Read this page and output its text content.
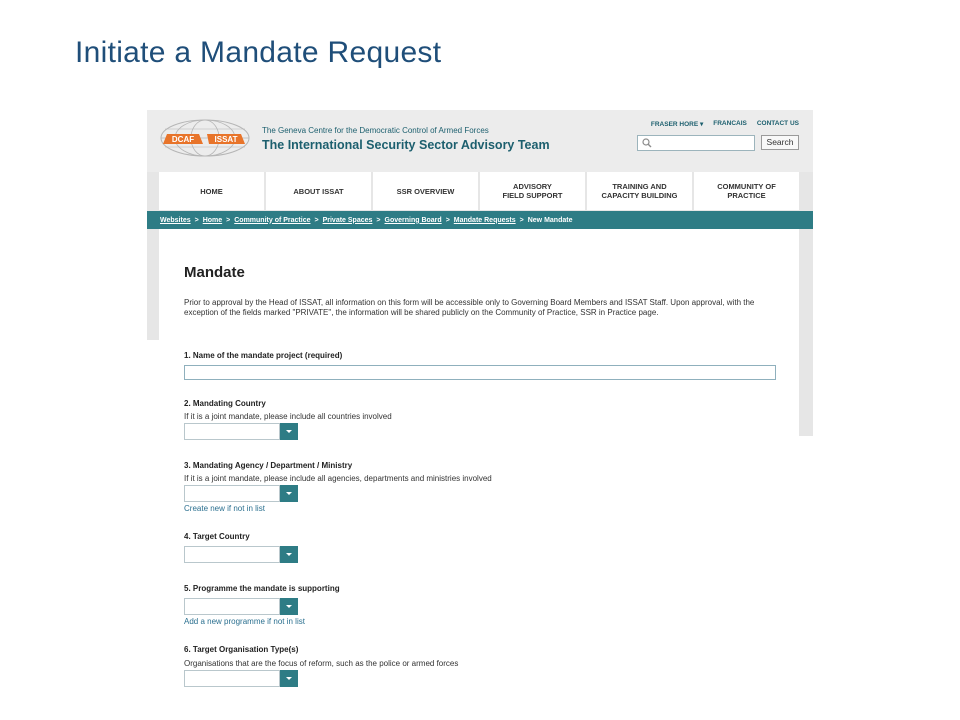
Initiate a Mandate Request
DCAF	ISSAT
The Geneva Centre for the Democratic Control of Armed Forces
The International Security Sector Advisory Team
FRASER HORE ▾ FRANCAIS CONTACT US
Search
HOME	ABOUT ISSAT	SSR OVERVIEW	ADVISORY
FIELD SUPPORT
TRAINING AND
CAPACITY BUILDING
COMMUNITY OF
PRACTICE
Websites > Home > Community of Practice > Private Spaces > Governing Board > Mandate Requests > New Mandate
Mandate
Prior to approval by the Head of ISSAT, all information on this form will be accessible only to Governing Board Members and ISSAT Staff. Upon approval, with the exception of the fields marked "PRIVATE", the information will be shared publicly on the Community of Practice, SSR in Practice page.
1. Name of the mandate project (required)
2. Mandating Country
If it is a joint mandate, please include all countries involved
3. Mandating Agency / Department / Ministry
If it is a joint mandate, please include all agencies, departments and ministries involved
Create new if not in list
4. Target Country
5. Programme the mandate is supporting
Add a new programme if not in list
6. Target Organisation Type(s)
Organisations that are the focus of reform, such as the police or armed forces
